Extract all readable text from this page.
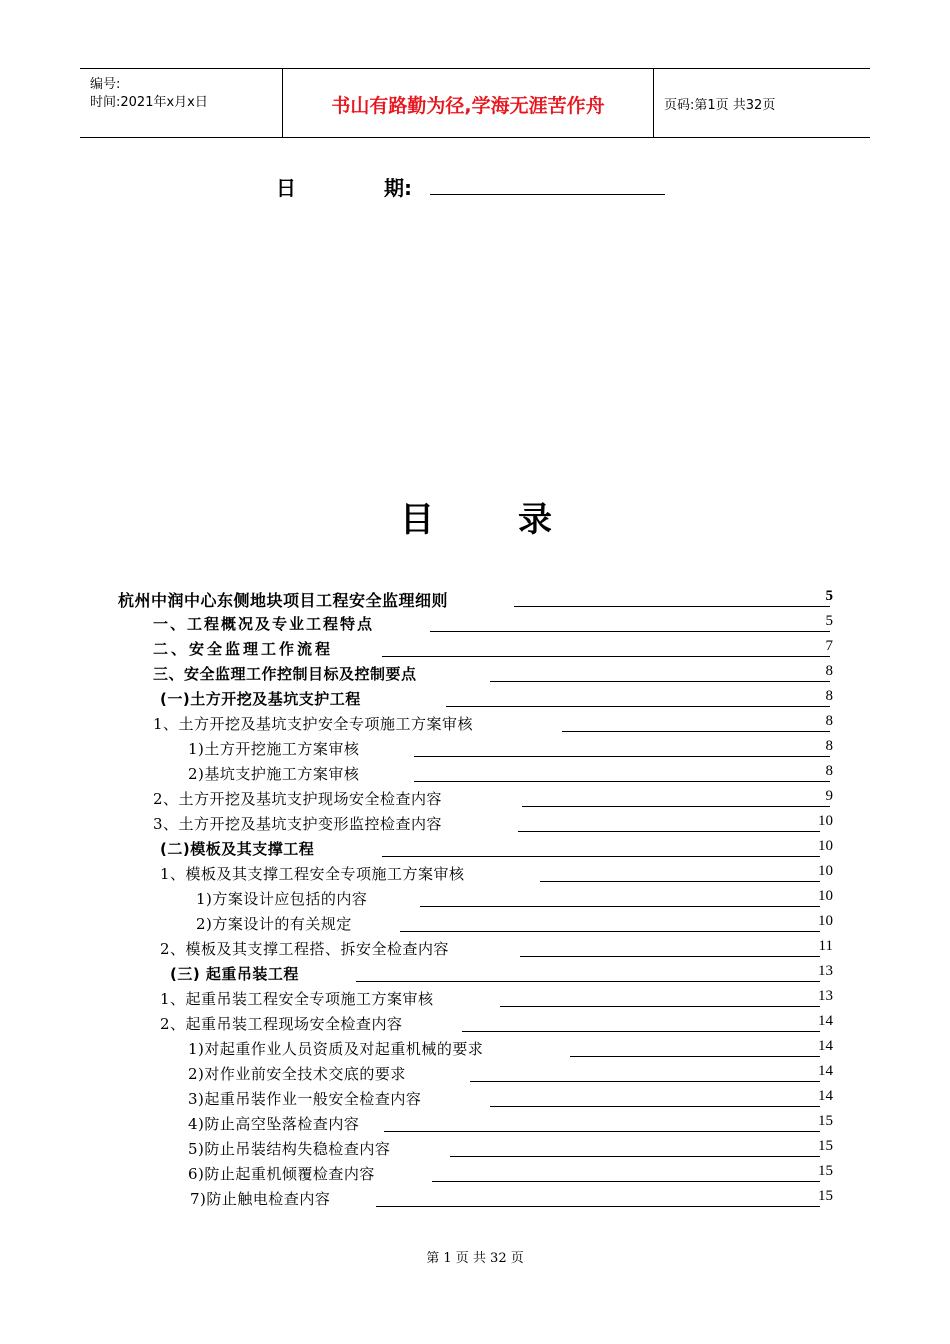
编号:
时间:2021年x月x日	书山有路勤为径,学海无涯苦作舟	页码:第1页 共32页
日	期:
目 录
杭州中润中心东侧地块项目工程安全监理细则	5
一、工程概况及专业工程特点	5
二、安全监理工作流程	7
三、安全监理工作控制目标及控制要点	8
(一)土方开挖及基坑支护工程	8
1、土方开挖及基坑支护安全专项施工方案审核	8
1)土方开挖施工方案审核	8
2)基坑支护施工方案审核	8
2、土方开挖及基坑支护现场安全检查内容	9
3、土方开挖及基坑支护变形监控检查内容	10
(二)模板及其支撑工程	10
1、模板及其支撑工程安全专项施工方案审核	10
1)方案设计应包括的内容	10
2)方案设计的有关规定	10
2、模板及其支撑工程搭、拆安全检查内容	11
(三) 起重吊装工程	13
1、起重吊装工程安全专项施工方案审核	13
2、起重吊装工程现场安全检查内容	14
1)对起重作业人员资质及对起重机械的要求	14
2)对作业前安全技术交底的要求	14
3)起重吊装作业一般安全检查内容	14
4)防止高空坠落检查内容	15
5)防止吊装结构失稳检查内容	15
6)防止起重机倾覆检查内容	15
7)防止触电检查内容	15
第 1 页 共 32 页
